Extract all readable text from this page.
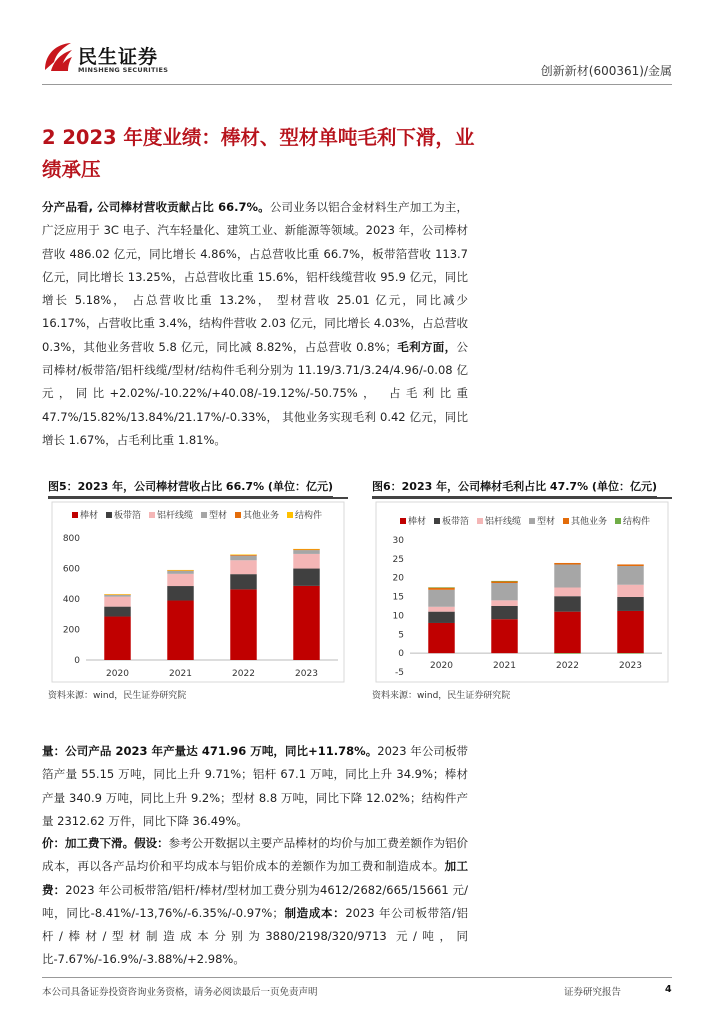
民生证券
MINSHENG SECURITIES	创新新材(600361)/金属
2 2023 年度业绩：棒材、型材单吨毛利下滑，业绩承压
分产品看, 公司棒材营收贡献占比 66.7%。公司业务以铝合金材料生产加工为主，广泛应用于 3C 电子、汽车轻量化、建筑工业、新能源等领域。2023 年，公司棒材营收 486.02 亿元，同比增长 4.86%，占总营收比重 66.7%，板带箔营收 113.7 亿元，同比增长 13.25%，占总营收比重 15.6%，铝杆线缆营收 95.9 亿元，同比增长 5.18%， 占总营收比重 13.2%， 型材营收 25.01 亿元，同比减少 16.17%，占营收比重 3.4%，结构件营收 2.03 亿元，同比增长 4.03%，占总营收 0.3%，其他业务营收 5.8 亿元，同比减 8.82%，占总营收 0.8%；毛利方面，公司棒材/板带箔/铝杆线缆/型材/结构件毛利分别为 11.19/3.71/3.24/4.96/-0.08 亿元，同比+2.02%/-10.22%/+40.08/-19.12%/-50.75%， 占毛利比重 47.7%/15.82%/13.84%/21.17%/-0.33%， 其他业务实现毛利 0.42 亿元，同比增长 1.67%，占毛利比重 1.81%。
图5：2023 年，公司棒材营收占比 66.7% (单位：亿元)
棒材 板带箔 铝杆线缆 型材 其他业务 结构件
0
200
400
600
800
2020	2021	2022	2023
资料来源：wind，民生证券研究院
图6：2023 年，公司棒材毛利占比 47.7% (单位：亿元)
棒材 板带箔 铝杆线缆 型材 其他业务 结构件
-5
0
5
10
15
20
25
30
2020	2021	2022	2023
资料来源：wind，民生证券研究院
量：公司产品 2023 年产量达 471.96 万吨，同比+11.78%。2023 年公司板带箔产量 55.15 万吨，同比上升 9.71%；铝杆 67.1 万吨，同比上升 34.9%；棒材产量 340.9 万吨，同比上升 9.2%；型材 8.8 万吨，同比下降 12.02%；结构件产量 2312.62 万件，同比下降 36.49%。
价：加工费下滑。假设：参考公开数据以主要产品棒材的均价与加工费差额作为铝价成本，再以各产品均价和平均成本与铝价成本的差额作为加工费和制造成本。加工费：2023 年公司板带箔/铝杆/棒材/型材加工费分别为4612/2682/665/15661 元/吨，同比-8.41%/-13,76%/-6.35%/-0.97%；制造成本：2023 年公司板带箔/铝杆/棒材/型材制造成本分别为3880/2198/320/9713 元/吨，同比-7.67%/-16.9%/-3.88%/+2.98%。
本公司具备证券投资咨询业务资格，请务必阅读最后一页免责声明	证券研究报告	4
